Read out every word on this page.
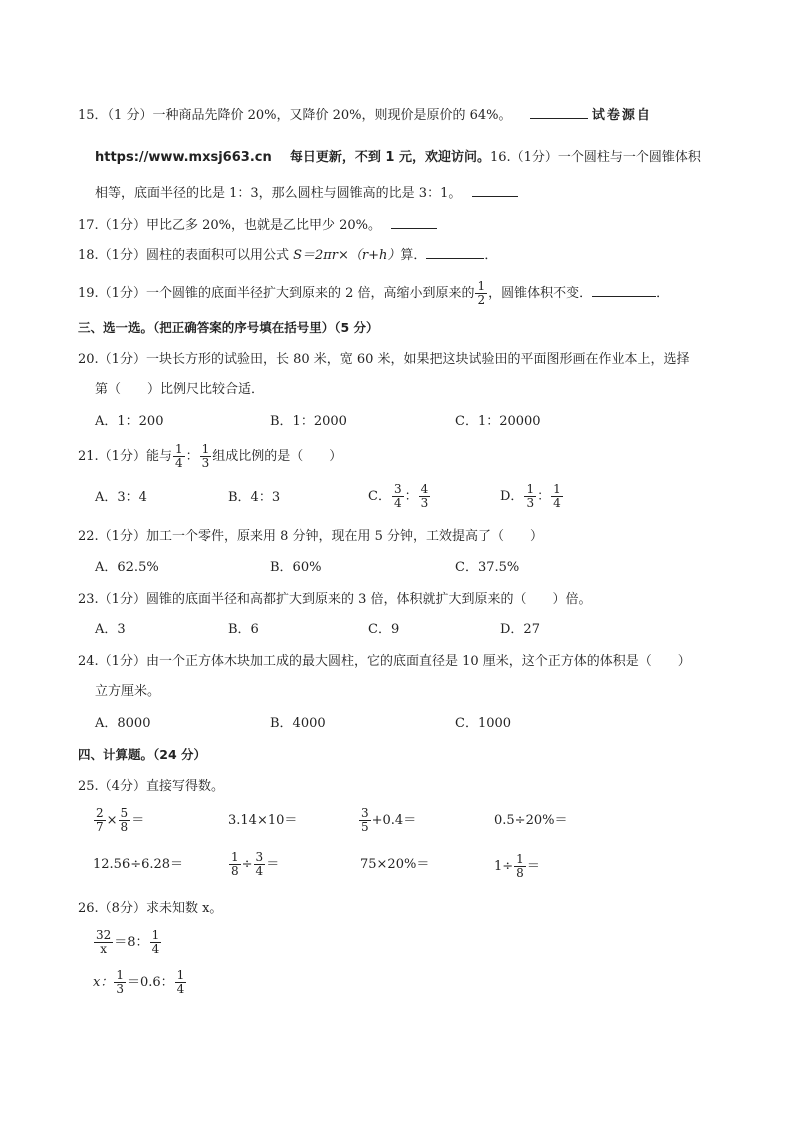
15．（1 分）一种商品先降价 20%，又降价 20%，则现价是原价的 64%。	试卷源自
https://www.mxsj663.cn 每日更新，不到 1 元，欢迎访问。16.（1分）一个圆柱与一个圆锥体积
相等，底面半径的比是 1：3，那么圆柱与圆锥高的比是 3：1。
17.（1分）甲比乙多 20%，也就是乙比甲少 20%。
18.（1分）圆柱的表面积可以用公式 S＝2πr×（r+h）算．	．
19.（1分）一个圆锥的底面半径扩大到原来的 2 倍，高缩小到原来的 $\frac{1}{2}$ ，圆锥体积不变．	．
三、选一选。（把正确答案的序号填在括号里）（5 分）
20.（1分）一块长方形的试验田，长 80 米，宽 60 米，如果把这块试验田的平面图形画在作业本上，选择
第（　　）比例尺比较合适．
A．1：200	B．1：2000	C．1：20000
21.（1分）能与 $\frac{1}{4}$ ： $\frac{1}{3}$ 组成比例的是（　　）
A．3：4	B．4：3	C． $\frac{3}{4}$ ： $\frac{4}{3}$	D． $\frac{1}{3}$ ： $\frac{1}{4}$
22.（1分）加工一个零件，原来用 8 分钟，现在用 5 分钟，工效提高了（　　）
A．62.5%	B．60%	C．37.5%
23.（1分）圆锥的底面半径和高都扩大到原来的 3 倍，体积就扩大到原来的（　　）倍。
A．3	B．6	C．9	D．27
24.（1分）由一个正方体木块加工成的最大圆柱，它的底面直径是 10 厘米，这个正方体的体积是（　　）
立方厘米。
A．8000	B．4000	C．1000
四、计算题。（24 分）
25.（4分）直接写得数。
$\frac{2}{7} \times \frac{5}{8}$ ＝	3.14×10＝	$\frac{3}{5} +0.4=$	0.5÷20%＝
12.56÷6.28＝	$\frac{1}{8} \div \frac{3}{4}$ ＝	75×20%＝	$1\div \frac{1}{8}$ ＝
26.（8分）求未知数 x。
$\frac{32}{x} =8$： $\frac{1}{4}$
x： $\frac{1}{3} =0.6$： $\frac{1}{4}$
